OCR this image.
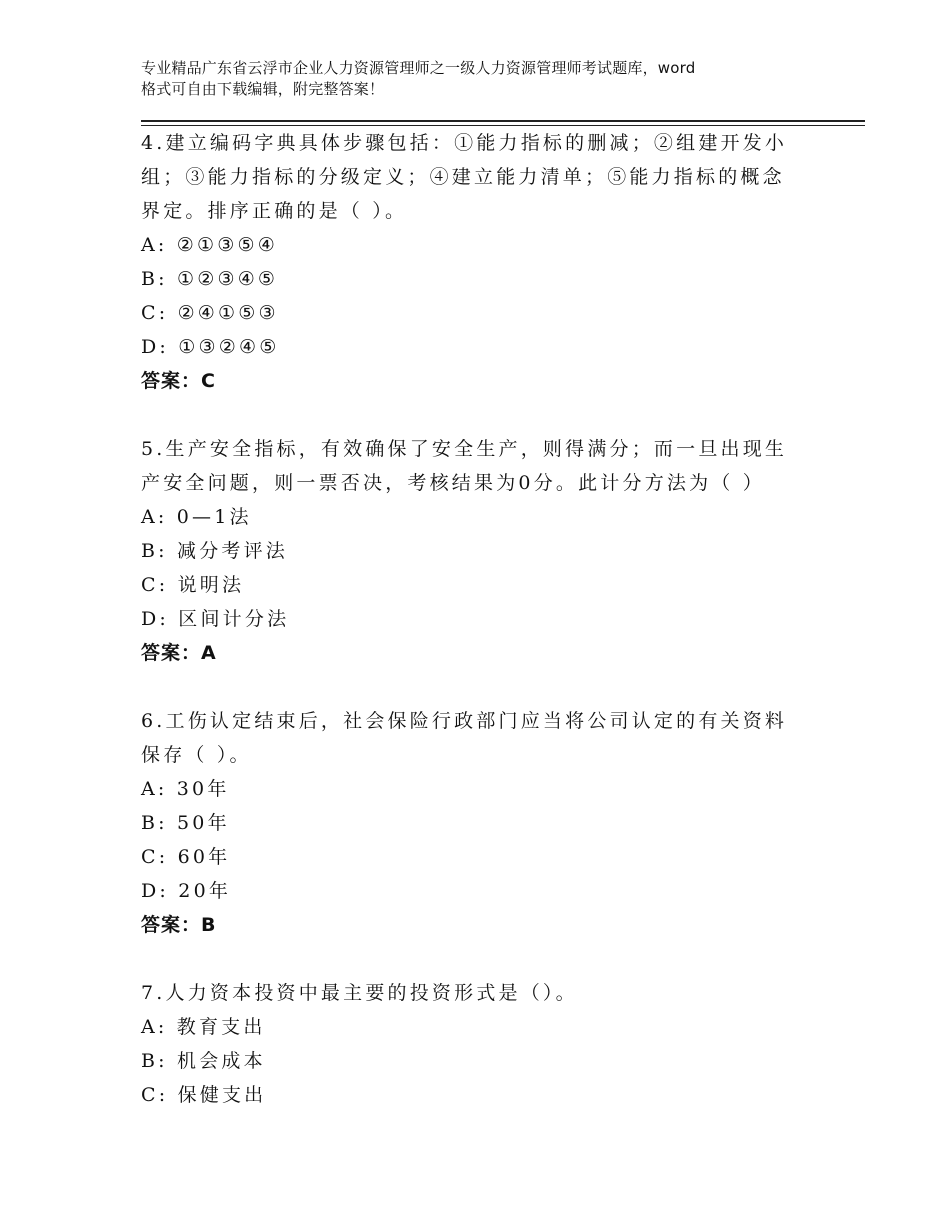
专业精品广东省云浮市企业人力资源管理师之一级人力资源管理师考试题库，word
格式可自由下载编辑，附完整答案！
4.建立编码字典具体步骤包括：①能力指标的删减；②组建开发小组；③能力指标的分级定义；④建立能力清单；⑤能力指标的概念界定。排序正确的是（ ）。
A: ②①③⑤④
B: ①②③④⑤
C: ②④①⑤③
D: ①③②④⑤
答案：C
5.生产安全指标，有效确保了安全生产，则得满分；而一旦出现生产安全问题，则一票否决，考核结果为0分。此计分方法为（ ）
A: 0—1法
B: 减分考评法
C: 说明法
D: 区间计分法
答案：A
6.工伤认定结束后，社会保险行政部门应当将公司认定的有关资料保存（ ）。
A: 30年
B: 50年
C: 60年
D: 20年
答案：B
7.人力资本投资中最主要的投资形式是（）。
A: 教育支出
B: 机会成本
C: 保健支出
